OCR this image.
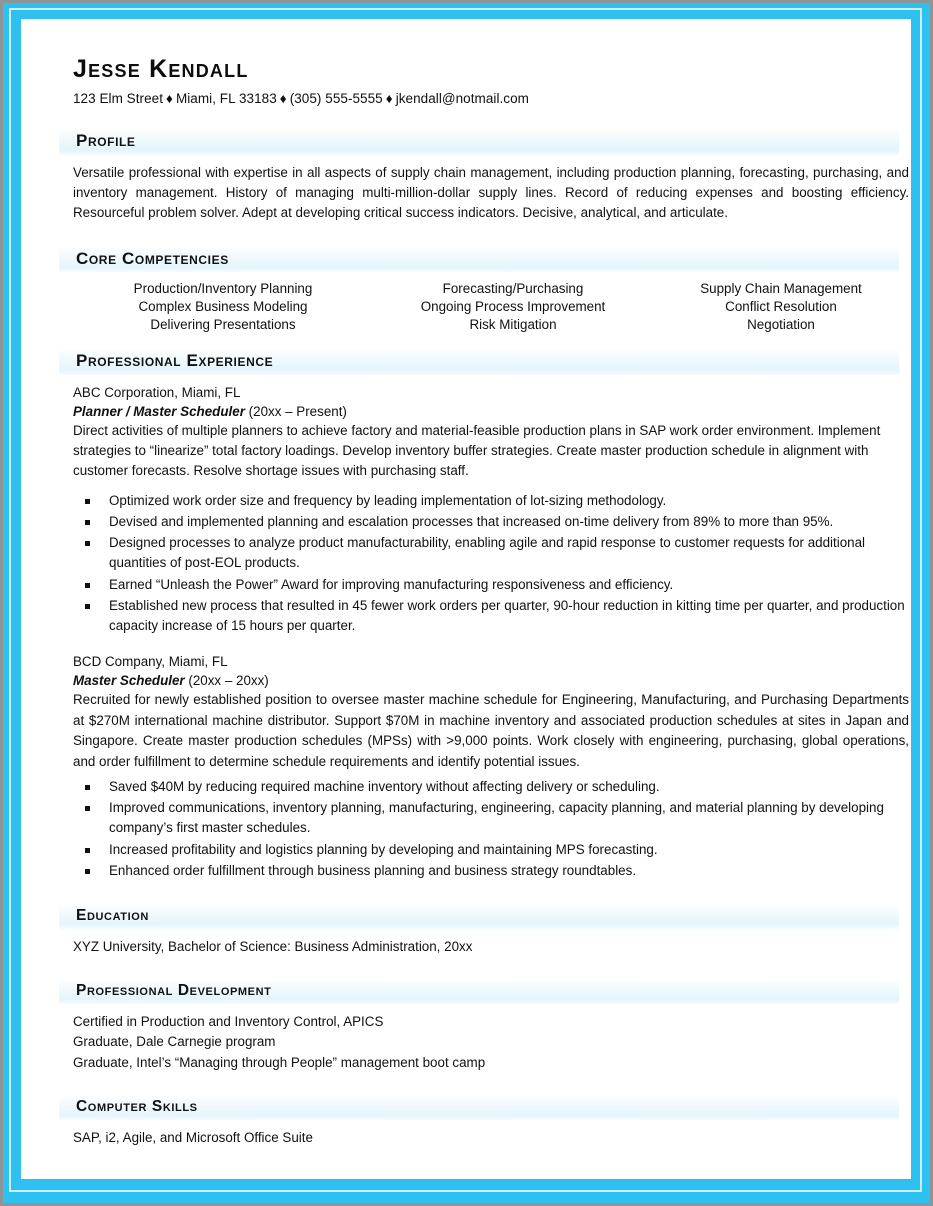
Jesse Kendall
123 Elm Street ♦ Miami, FL 33183 ♦ (305) 555-5555 ♦ jkendall@notmail.com
Profile

Versatile professional with expertise in all aspects of supply chain management, including production planning, forecasting, purchasing, and inventory management. History of managing multi-million-dollar supply lines. Record of reducing expenses and boosting efficiency. Resourceful problem solver. Adept at developing critical success indicators. Decisive, analytical, and articulate.

Core Competencies
Production/Inventory Planning
Complex Business Modeling
Delivering Presentations
Forecasting/Purchasing
Ongoing Process Improvement
Risk Mitigation
Supply Chain Management
Conflict Resolution
Negotiation
Professional Experience
ABC Corporation, Miami, FL
Planner / Master Scheduler (20xx – Present)

Direct activities of multiple planners to achieve factory and material-feasible production plans in SAP work order environment. Implement strategies to “linearize” total factory loadings. Develop inventory buffer strategies. Create master production schedule in alignment with customer forecasts. Resolve shortage issues with purchasing staff.

Optimized work order size and frequency by leading implementation of lot-sizing methodology.
Devised and implemented planning and escalation processes that increased on-time delivery from 89% to more than 95%.
Designed processes to analyze product manufacturability, enabling agile and rapid response to customer requests for additional quantities of post-EOL products.
Earned “Unleash the Power” Award for improving manufacturing responsiveness and efficiency.
Established new process that resulted in 45 fewer work orders per quarter, 90-hour reduction in kitting time per quarter, and production capacity increase of 15 hours per quarter.
BCD Company, Miami, FL
Master Scheduler (20xx – 20xx)

Recruited for newly established position to oversee master machine schedule for Engineering, Manufacturing, and Purchasing Departments at $270M international machine distributor. Support $70M in machine inventory and associated production schedules at sites in Japan and Singapore. Create master production schedules (MPSs) with >9,000 points. Work closely with engineering, purchasing, global operations, and order fulfillment to determine schedule requirements and identify potential issues.

Saved $40M by reducing required machine inventory without affecting delivery or scheduling.
Improved communications, inventory planning, manufacturing, engineering, capacity planning, and material planning by developing company’s first master schedules.
Increased profitability and logistics planning by developing and maintaining MPS forecasting.
Enhanced order fulfillment through business planning and business strategy roundtables.
Education
XYZ University, Bachelor of Science: Business Administration, 20xx
Professional Development
Certified in Production and Inventory Control, APICS
Graduate, Dale Carnegie program
Graduate, Intel’s “Managing through People” management boot camp
Computer Skills
SAP, i2, Agile, and Microsoft Office Suite
